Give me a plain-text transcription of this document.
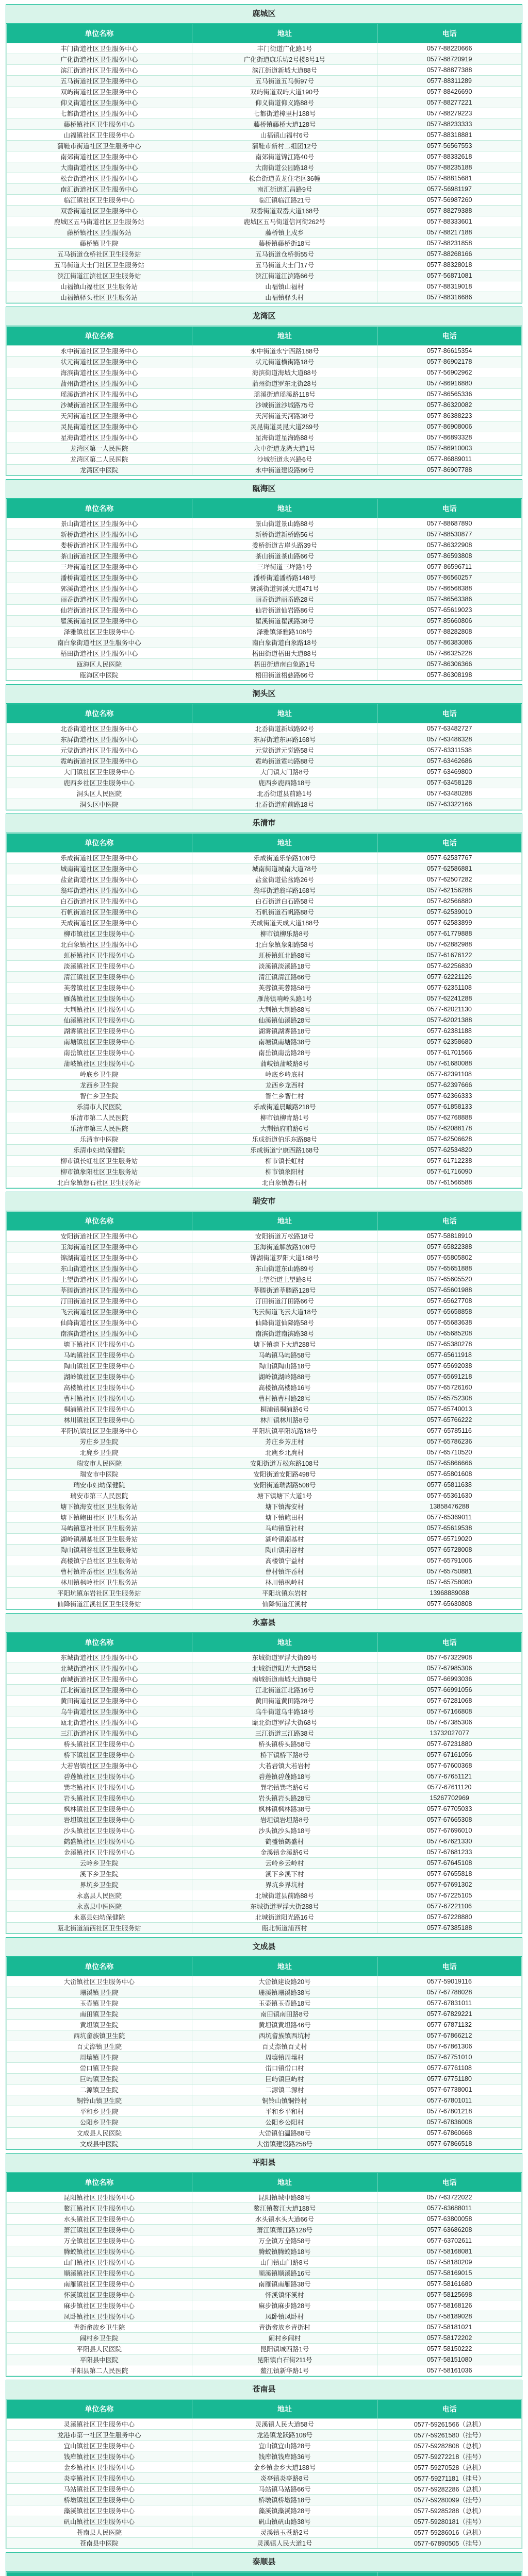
鹿城区
单位名称	地址	电话
丰门街道社区卫生服务中心	丰门街道广化路1号	0577-88220666
广化街道社区卫生服务中心	广化街道康乐坊2号楼8号1号	0577-88720919
滨江街道社区卫生服务中心	滨江街道新城大道88号	0577-88877388
五马街道社区卫生服务中心	五马街道五马街97号	0577-88311289
双屿街道社区卫生服务中心	双屿街道双屿大道190号	0577-88426690
仰义街道社区卫生服务中心	仰义街道仰义路88号	0577-88277221
七都街道社区卫生服务中心	七都街道樟里村188号	0577-88279223
藤桥镇社区卫生服务中心	藤桥镇藤桥大道128号	0577-88233333
山福镇社区卫生服务中心	山福镇山福村6号	0577-88318881
蒲鞋市街道社区卫生服务中心	蒲鞋市新村二组团12号	0577-56567553
南郊街道社区卫生服务中心	南郊街道锦江路40号	0577-88332618
大南街道社区卫生服务中心	大南街道公园路18号	0577-88235188
松台街道社区卫生服务中心	松台街道黄龙住宅区36幢	0577-88815681
南汇街道社区卫生服务中心	南汇街道汇昌路9号	0577-56981197
临江镇社区卫生服务中心	临江镇临江路21号	0577-56987260
双岙街道社区卫生服务中心	双岙街道双岙大道168号	0577-88279388
鹿城区五马街道社区卫生服务站	鹿城区五马街道信河街262号	0577-88333601
藤桥镇社区卫生服务站	藤桥镇上戍乡	0577-88217188
藤桥镇卫生院	藤桥镇藤桥街18号	0577-88231858
五马街道仓桥社区卫生服务站	五马街道仓桥街55号	0577-88268166
五马街道大士门社区卫生服务站	五马街道大士门17号	0577-88328018
滨江街道江滨社区卫生服务站	滨江街道江滨路66号	0577-56871081
山福镇山福社区卫生服务站	山福镇山福村	0577-88319018
山福镇驿头社区卫生服务站	山福镇驿头村	0577-88316686
龙湾区
单位名称	地址	电话
永中街道社区卫生服务中心	永中街道永宁西路188号	0577-86615354
状元街道社区卫生服务中心	状元街道横街路18号	0577-86902178
海滨街道社区卫生服务中心	海滨街道海城大道88号	0577-56902962
蒲州街道社区卫生服务中心	蒲州街道罗东北街28号	0577-86916880
瑶溪街道社区卫生服务中心	瑶溪街道瑶溪路118号	0577-86565336
沙城街道社区卫生服务中心	沙城街道沙城路75号	0577-86320082
天河街道社区卫生服务中心	天河街道天河路38号	0577-86388223
灵昆街道社区卫生服务中心	灵昆街道灵昆大道269号	0577-86908006
星海街道社区卫生服务中心	星海街道星海路88号	0577-86893328
龙湾区第一人民医院	永中街道龙湾大道1号	0577-86910003
龙湾区第二人民医院	沙城街道永兴路6号	0577-86889011
龙湾区中医院	永中街道建设路86号	0577-86907788
瓯海区
单位名称	地址	电话
景山街道社区卫生服务中心	景山街道景山路88号	0577-88687890
新桥街道社区卫生服务中心	新桥街道新桥路56号	0577-88530877
娄桥街道社区卫生服务中心	娄桥街道古岸头路39号	0577-86322908
茶山街道社区卫生服务中心	茶山街道茶山路66号	0577-86593808
三垟街道社区卫生服务中心	三垟街道三垟路1号	0577-86596711
潘桥街道社区卫生服务中心	潘桥街道潘桥路148号	0577-86560257
郭溪街道社区卫生服务中心	郭溪街道郭溪大道471号	0577-86568388
丽岙街道社区卫生服务中心	丽岙街道丽岙路28号	0577-86563386
仙岩街道社区卫生服务中心	仙岩街道仙岩路86号	0577-65619023
瞿溪街道社区卫生服务中心	瞿溪街道瞿溪路38号	0577-85660806
泽雅镇社区卫生服务中心	泽雅镇泽雅路108号	0577-88282808
南白象街道社区卫生服务中心	南白象街道白象路18号	0577-86383086
梧田街道社区卫生服务中心	梧田街道梧田大道88号	0577-86325228
瓯海区人民医院	梧田街道南白象路1号	0577-86306366
瓯海区中医院	梧田街道梧慈路66号	0577-86308198
洞头区
单位名称	地址	电话
北岙街道社区卫生服务中心	北岙街道新城路92号	0577-63482727
东屏街道社区卫生服务中心	东屏街道东屏路168号	0577-63486328
元觉街道社区卫生服务中心	元觉街道元觉路58号	0577-63311538
霓屿街道社区卫生服务中心	霓屿街道霓屿路88号	0577-63462686
大门镇社区卫生服务中心	大门镇大门路8号	0577-63469800
鹿西乡社区卫生服务中心	鹿西乡鹿西路18号	0577-63458128
洞头区人民医院	北岙街道县前路1号	0577-63480288
洞头区中医院	北岙街道府前路18号	0577-63322166
乐清市
单位名称	地址	电话
乐成街道社区卫生服务中心	乐成街道乐怡路108号	0577-62537767
城南街道社区卫生服务中心	城南街道城南大道78号	0577-62586881
盐盆街道社区卫生服务中心	盐盆街道盐盆路26号	0577-62507282
翁垟街道社区卫生服务中心	翁垟街道翁垟路168号	0577-62156288
白石街道社区卫生服务中心	白石街道白石路58号	0577-62566880
石帆街道社区卫生服务中心	石帆街道石帆路88号	0577-62539010
天成街道社区卫生服务中心	天成街道天成大道188号	0577-62583899
柳市镇社区卫生服务中心	柳市镇柳乐路8号	0577-61779888
北白象镇社区卫生服务中心	北白象镇象阳路58号	0577-62882988
虹桥镇社区卫生服务中心	虹桥镇虹北路88号	0577-61676122
淡溪镇社区卫生服务中心	淡溪镇淡溪路18号	0577-62256830
清江镇社区卫生服务中心	清江镇清江路66号	0577-62221126
芙蓉镇社区卫生服务中心	芙蓉镇芙蓉路58号	0577-62351108
雁荡镇社区卫生服务中心	雁荡镇响岭头路1号	0577-62241288
大荆镇社区卫生服务中心	大荆镇大荆路88号	0577-62021130
仙溪镇社区卫生服务中心	仙溪镇仙溪路28号	0577-62021388
湖雾镇社区卫生服务中心	湖雾镇湖雾路18号	0577-62381188
南塘镇社区卫生服务中心	南塘镇南塘路38号	0577-62358680
南岳镇社区卫生服务中心	南岳镇南岳路28号	0577-61701566
蒲岐镇社区卫生服务中心	蒲岐镇蒲岐路8号	0577-61680088
岭底乡卫生院	岭底乡岭底村	0577-62391108
龙西乡卫生院	龙西乡龙西村	0577-62397666
智仁乡卫生院	智仁乡智仁村	0577-62366333
乐清市人民医院	乐成街道晨曦路218号	0577-61858133
乐清市第二人民医院	柳市镇柳青路1号	0577-62768888
乐清市第三人民医院	大荆镇府前路6号	0577-62088178
乐清市中医院	乐成街道伯乐东路88号	0577-62506628
乐清市妇幼保健院	乐成街道宁康西路168号	0577-62534820
柳市镇长虹社区卫生服务站	柳市镇长虹村	0577-61712238
柳市镇象阳社区卫生服务站	柳市镇象阳村	0577-61716090
北白象镇磐石社区卫生服务站	北白象镇磐石村	0577-61566588
瑞安市
单位名称	地址	电话
安阳街道社区卫生服务中心	安阳街道万松路18号	0577-58818910
玉海街道社区卫生服务中心	玉海街道解放路108号	0577-65822388
锦湖街道社区卫生服务中心	锦湖街道罗阳大道188号	0577-65805802
东山街道社区卫生服务中心	东山街道东山路89号	0577-65651888
上望街道社区卫生服务中心	上望街道上望路8号	0577-65605520
莘塍街道社区卫生服务中心	莘塍街道莘塍路128号	0577-65601988
汀田街道社区卫生服务中心	汀田街道汀田路66号	0577-65627708
飞云街道社区卫生服务中心	飞云街道飞云大道18号	0577-65658858
仙降街道社区卫生服务中心	仙降街道仙降路58号	0577-65683638
南滨街道社区卫生服务中心	南滨街道南滨路38号	0577-65685208
塘下镇社区卫生服务中心	塘下镇塘下大道288号	0577-65380278
马屿镇社区卫生服务中心	马屿镇马屿路58号	0577-65611918
陶山镇社区卫生服务中心	陶山镇陶山路18号	0577-65692038
湖岭镇社区卫生服务中心	湖岭镇湖岭路88号	0577-65691218
高楼镇社区卫生服务中心	高楼镇高楼路16号	0577-65726160
曹村镇社区卫生服务中心	曹村镇曹村路28号	0577-65752308
桐浦镇社区卫生服务中心	桐浦镇桐浦路6号	0577-65740013
林川镇社区卫生服务中心	林川镇林川路8号	0577-65766222
平阳坑镇社区卫生服务中心	平阳坑镇平阳坑路18号	0577-65785116
芳庄乡卫生院	芳庄乡芳庄村	0577-65786236
北麂乡卫生院	北麂乡北麂村	0577-65710520
瑞安市人民医院	安阳街道万松东路108号	0577-65866666
瑞安市中医院	安阳街道安阳路498号	0577-65801608
瑞安市妇幼保健院	安阳街道瑞湖路508号	0577-65811638
瑞安市第三人民医院	塘下镇塘下大道1号	0577-65361630
塘下镇海安社区卫生服务站	塘下镇海安村	13858476288
塘下镇鲍田社区卫生服务站	塘下镇鲍田村	0577-65369011
马屿镇篁社社区卫生服务站	马屿镇篁社村	0577-65619538
湖岭镇潮基社区卫生服务站	湖岭镇潮基村	0577-65719020
陶山镇荆谷社区卫生服务站	陶山镇荆谷村	0577-65728008
高楼镇宁益社区卫生服务站	高楼镇宁益村	0577-65791006
曹村镇许岙社区卫生服务站	曹村镇许岙村	0577-65750881
林川镇枫岭社区卫生服务站	林川镇枫岭村	0577-65758080
平阳坑镇东岩社区卫生服务站	平阳坑镇东岩村	13968889088
仙降街道江溪社区卫生服务站	仙降街道江溪村	0577-65630808
永嘉县
单位名称	地址	电话
东城街道社区卫生服务中心	东城街道罗浮大街89号	0577-67322908
北城街道社区卫生服务中心	北城街道阳光大道58号	0577-67985306
南城街道社区卫生服务中心	南城街道南城大道88号	0577-66993036
江北街道社区卫生服务中心	江北街道江北路16号	0577-66991056
黄田街道社区卫生服务中心	黄田街道黄田路28号	0577-67281068
乌牛街道社区卫生服务中心	乌牛街道乌牛路18号	0577-67166808
瓯北街道社区卫生服务中心	瓯北街道罗浮大街68号	0577-67385306
三江街道社区卫生服务中心	三江街道三江路38号	13732027077
桥头镇社区卫生服务中心	桥头镇桥头路58号	0577-67231880
桥下镇社区卫生服务中心	桥下镇桥下路8号	0577-67161056
大若岩镇社区卫生服务中心	大若岩镇大若岩村	0577-67600368
碧莲镇社区卫生服务中心	碧莲镇碧莲路18号	0577-67651121
巽宅镇社区卫生服务中心	巽宅镇巽宅路6号	0577-67611120
岩头镇社区卫生服务中心	岩头镇岩头路28号	15267702969
枫林镇社区卫生服务中心	枫林镇枫林路38号	0577-67705033
岩坦镇社区卫生服务中心	岩坦镇岩坦路8号	0577-67665308
沙头镇社区卫生服务中心	沙头镇沙头路18号	0577-67696010
鹤盛镇社区卫生服务中心	鹤盛镇鹤盛村	0577-67621330
金溪镇社区卫生服务中心	金溪镇金溪路6号	0577-67681233
云岭乡卫生院	云岭乡云岭村	0577-67645108
溪下乡卫生院	溪下乡溪下村	0577-67655818
界坑乡卫生院	界坑乡界坑村	0577-67691302
永嘉县人民医院	北城街道县前路88号	0577-67225105
永嘉县中医医院	东城街道罗浮大街288号	0577-67221106
永嘉县妇幼保健院	北城街道阳光路16号	0577-67228880
瓯北街道浦西社区卫生服务站	瓯北街道浦西村	0577-67385188
文成县
单位名称	地址	电话
大峃镇社区卫生服务中心	大峃镇建设路20号	0577-59019116
珊溪镇卫生院	珊溪镇珊溪路38号	0577-67788028
玉壶镇卫生院	玉壶镇玉壶路18号	0577-67831011
南田镇卫生院	南田镇南田路8号	0577-67829221
黄坦镇卫生院	黄坦镇黄坦路46号	0577-67871132
西坑畲族镇卫生院	西坑畲族镇西坑村	0577-67866212
百丈漈镇卫生院	百丈漈镇百丈村	0577-67861306
周壤镇卫生院	周壤镇周壤村	0577-67751010
峃口镇卫生院	峃口镇峃口村	0577-67761108
巨屿镇卫生院	巨屿镇巨屿村	0577-67751180
二源镇卫生院	二源镇二源村	0577-67738001
铜铃山镇卫生院	铜铃山镇铜铃村	0577-67801011
平和乡卫生院	平和乡平和村	0577-67801218
公阳乡卫生院	公阳乡公阳村	0577-67836008
文成县人民医院	大峃镇伯温路88号	0577-67860668
文成县中医院	大峃镇建设路258号	0577-67866518
平阳县
单位名称	地址	电话
昆阳镇社区卫生服务中心	昆阳镇城中路88号	0577-63722022
鳌江镇社区卫生服务中心	鳌江镇鳌江大道188号	0577-63688011
水头镇社区卫生服务中心	水头镇水头大道66号	0577-63800058
萧江镇社区卫生服务中心	萧江镇萧江路128号	0577-63686208
万全镇社区卫生服务中心	万全镇万全路58号	0577-63702611
腾蛟镇社区卫生服务中心	腾蛟镇腾蛟路18号	0577-58168081
山门镇社区卫生服务中心	山门镇山门路8号	0577-58180209
顺溪镇社区卫生服务中心	顺溪镇顺溪路16号	0577-58169015
南雁镇社区卫生服务中心	南雁镇南雁路38号	0577-58161680
怀溪镇社区卫生服务中心	怀溪镇怀溪村	0577-58125698
麻步镇社区卫生服务中心	麻步镇麻步路28号	0577-58168126
凤卧镇社区卫生服务中心	凤卧镇凤卧村	0577-58189028
青街畲族乡卫生院	青街畲族乡青街村	0577-58181021
闹村乡卫生院	闹村乡闹村	0577-58172202
平阳县人民医院	昆阳镇城西路1号	0577-58150222
平阳县中医院	昆阳镇白石街211号	0577-58151080
平阳县第二人民医院	鳌江镇新华路1号	0577-58161036
苍南县
单位名称	地址	电话
灵溪镇社区卫生服务中心	灵溪镇人民大道58号	0577-59261566（总机）
龙港市第一社区卫生服务中心	龙港镇龙跃路108号	0577-59261580（挂号）
宜山镇社区卫生服务中心	宜山镇宜山路28号	0577-59282808（总机）
钱库镇社区卫生服务中心	钱库镇钱库路36号	0577-59272218（挂号）
金乡镇社区卫生服务中心	金乡镇金乡大道188号	0577-59270528（总机）
炎亭镇社区卫生服务中心	炎亭镇炎亭路8号	0577-59271181（挂号）
马站镇社区卫生服务中心	马站镇马站路66号	0577-59282286（总机）
桥墩镇社区卫生服务中心	桥墩镇桥墩路18号	0577-59280099（挂号）
藻溪镇社区卫生服务中心	藻溪镇藻溪路28号	0577-59285288（总机）
矾山镇社区卫生服务中心	矾山镇矾山路38号	0577-59280181（挂号）
苍南县人民医院	灵溪镇玉苍路2号	0577-59286016（总机）
苍南县中医院	灵溪镇人民大道1号	0577-67890505（挂号）
泰顺县
